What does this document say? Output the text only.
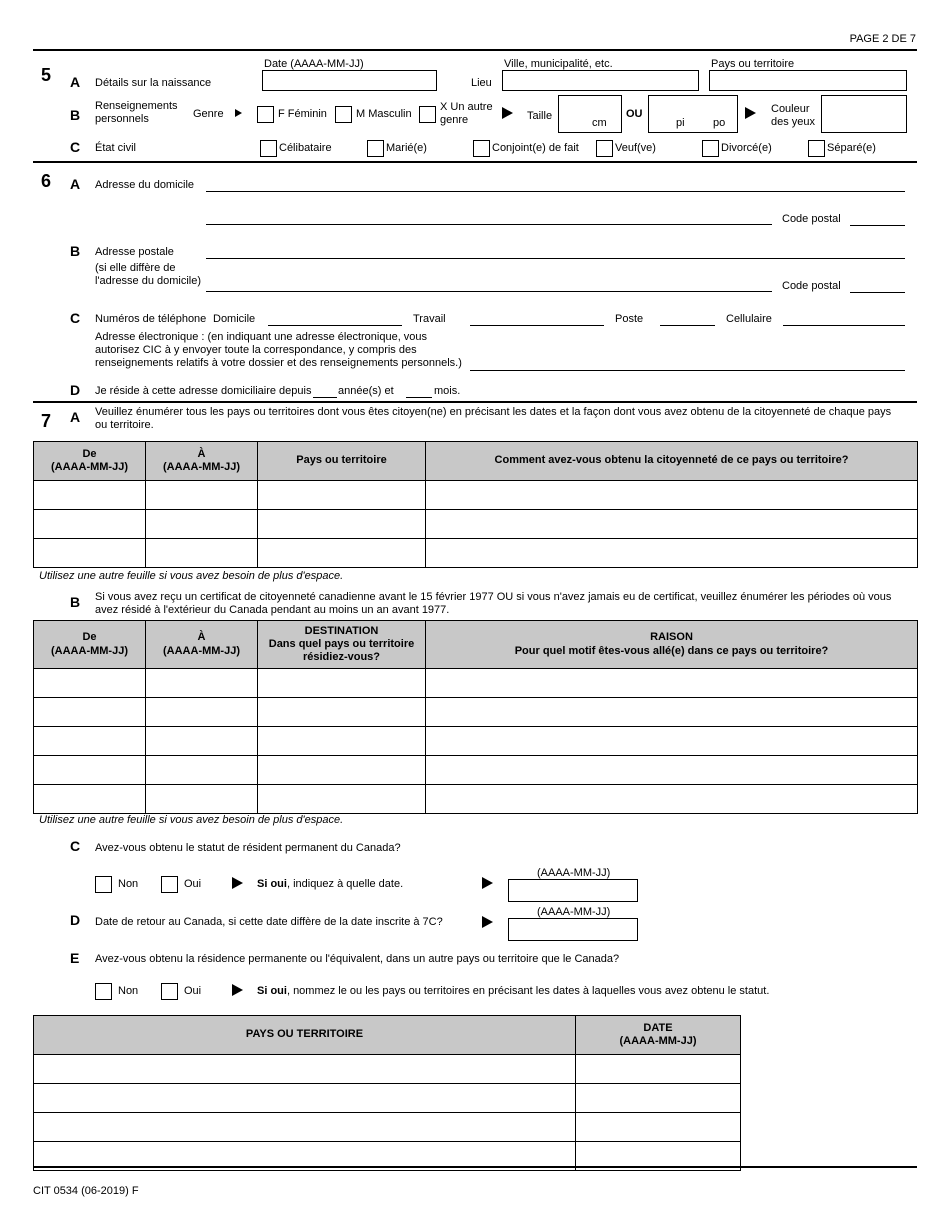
PAGE 2 DE 7
5 A Détails sur la naissance
Date (AAAA-MM-JJ)
Lieu
Ville, municipalité, etc.	Pays ou territoire
B
Renseignements
personnels	Genre	F Féminin	M Masculin
X Un autre
genre	Taille
cm
OU
pi	po
Couleur
des yeux
C État civil	Célibataire	Marié(e)	Conjoint(e) de fait	Veuf(ve)	Divorcé(e)	Séparé(e)
6 A Adresse du domicile
Code postal
B Adresse postale
(si elle diffère de
l'adresse du domicile)	Code postal
C Numéros de téléphone Domicile	Travail	Poste	Cellulaire
Adresse électronique : (en indiquant une adresse électronique, vous
autorisez CIC à y envoyer toute la correspondance, y compris des
renseignements relatifs à votre dossier et des renseignements personnels.)
D Je réside à cette adresse domiciliaire depuis année(s) et	mois.
7 A Veuillez énumérer tous les pays ou territoires dont vous êtes citoyen(ne) en précisant les dates et la façon dont vous avez obtenu de la citoyenneté de chaque pays ou territoire.
De
(AAAA-MM-JJ)	À
(AAAA-MM-JJ)	Pays ou territoire	Comment avez-vous obtenu la citoyenneté de ce pays ou territoire?

Utilisez une autre feuille si vous avez besoin de plus d'espace.
B Si vous avez reçu un certificat de citoyenneté canadienne avant le 15 février 1977 OU si vous n'avez jamais eu de certificat, veuillez énumérer les périodes où vous avez résidé à l'extérieur du Canada pendant au moins un an avant 1977.
De
(AAAA-MM-JJ)	À
(AAAA-MM-JJ)	DESTINATION
Dans quel pays ou territoire
résidiez-vous?	RAISON
Pour quel motif êtes-vous allé(e) dans ce pays ou territoire?

Utilisez une autre feuille si vous avez besoin de plus d'espace.
C Avez-vous obtenu le statut de résident permanent du Canada?
Non	Oui	Si oui, indiquez à quelle date.
(AAAA-MM-JJ)
D Date de retour au Canada, si cette date diffère de la date inscrite à 7C?
(AAAA-MM-JJ)
E Avez-vous obtenu la résidence permanente ou l'équivalent, dans un autre pays ou territoire que le Canada?
Non	Oui	Si oui, nommez le ou les pays ou territoires en précisant les dates à laquelles vous avez obtenu le statut.
PAYS OU TERRITOIRE	DATE
(AAAA-MM-JJ)

CIT 0534 (06-2019) F
